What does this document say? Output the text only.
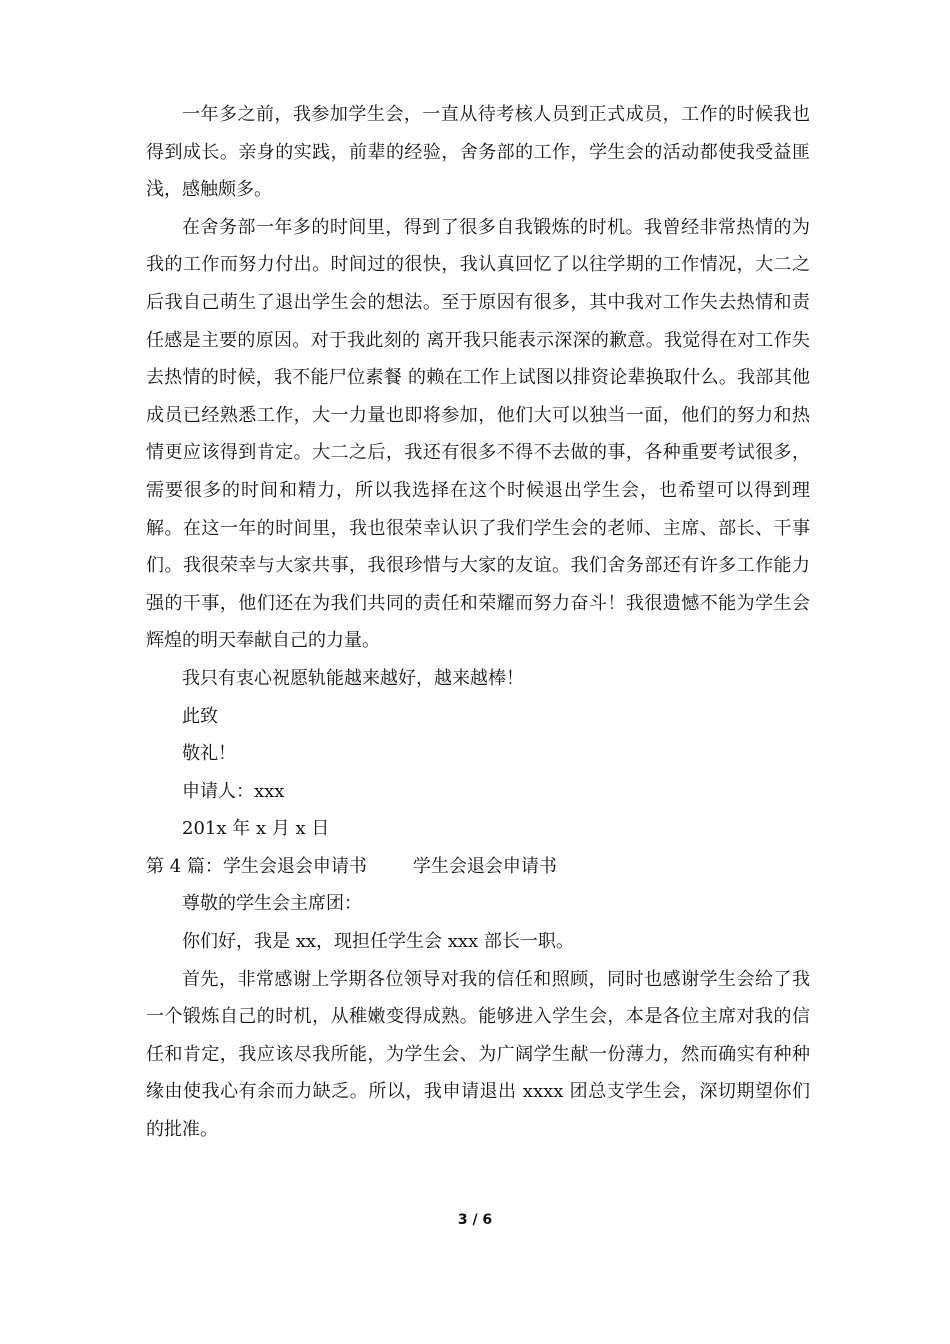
一年多之前，我参加学生会，一直从待考核人员到正式成员，工作的时候我也得到成长。亲身的实践，前辈的经验，舍务部的工作，学生会的活动都使我受益匪浅，感触颇多。

在舍务部一年多的时间里，得到了很多自我锻炼的时机。我曾经非常热情的为我的工作而努力付出。时间过的很快，我认真回忆了以往学期的工作情况，大二之后我自己萌生了退出学生会的想法。至于原因有很多，其中我对工作失去热情和责任感是主要的原因。对于我此刻的 离开我只能表示深深的歉意。我觉得在对工作失去热情的时候，我不能尸位素餐 的赖在工作上试图以排资论辈换取什么。我部其他成员已经熟悉工作，大一力量也即将参加，他们大可以独当一面，他们的努力和热情更应该得到肯定。大二之后，我还有很多不得不去做的事，各种重要考试很多，需要很多的时间和精力，所以我选择在这个时候退出学生会，也希望可以得到理解。在这一年的时间里，我也很荣幸认识了我们学生会的老师、主席、部长、干事们。我很荣幸与大家共事，我很珍惜与大家的友谊。我们舍务部还有许多工作能力强的干事，他们还在为我们共同的责任和荣耀而努力奋斗！我很遗憾不能为学生会辉煌的明天奉献自己的力量。

我只有衷心祝愿轨能越来越好，越来越棒！

此致

敬礼！

申请人：xxx

201x 年 x 月 x 日

第 4 篇：学生会退会申请书	学生会退会申请书

尊敬的学生会主席团：

你们好，我是 xx，现担任学生会 xxx 部长一职。

首先，非常感谢上学期各位领导对我的信任和照顾，同时也感谢学生会给了我一个锻炼自己的时机，从稚嫩变得成熟。能够进入学生会，本是各位主席对我的信任和肯定，我应该尽我所能，为学生会、为广阔学生献一份薄力，然而确实有种种缘由使我心有余而力缺乏。所以，我申请退出 xxxx 团总支学生会，深切期望你们的批准。

3 / 6
